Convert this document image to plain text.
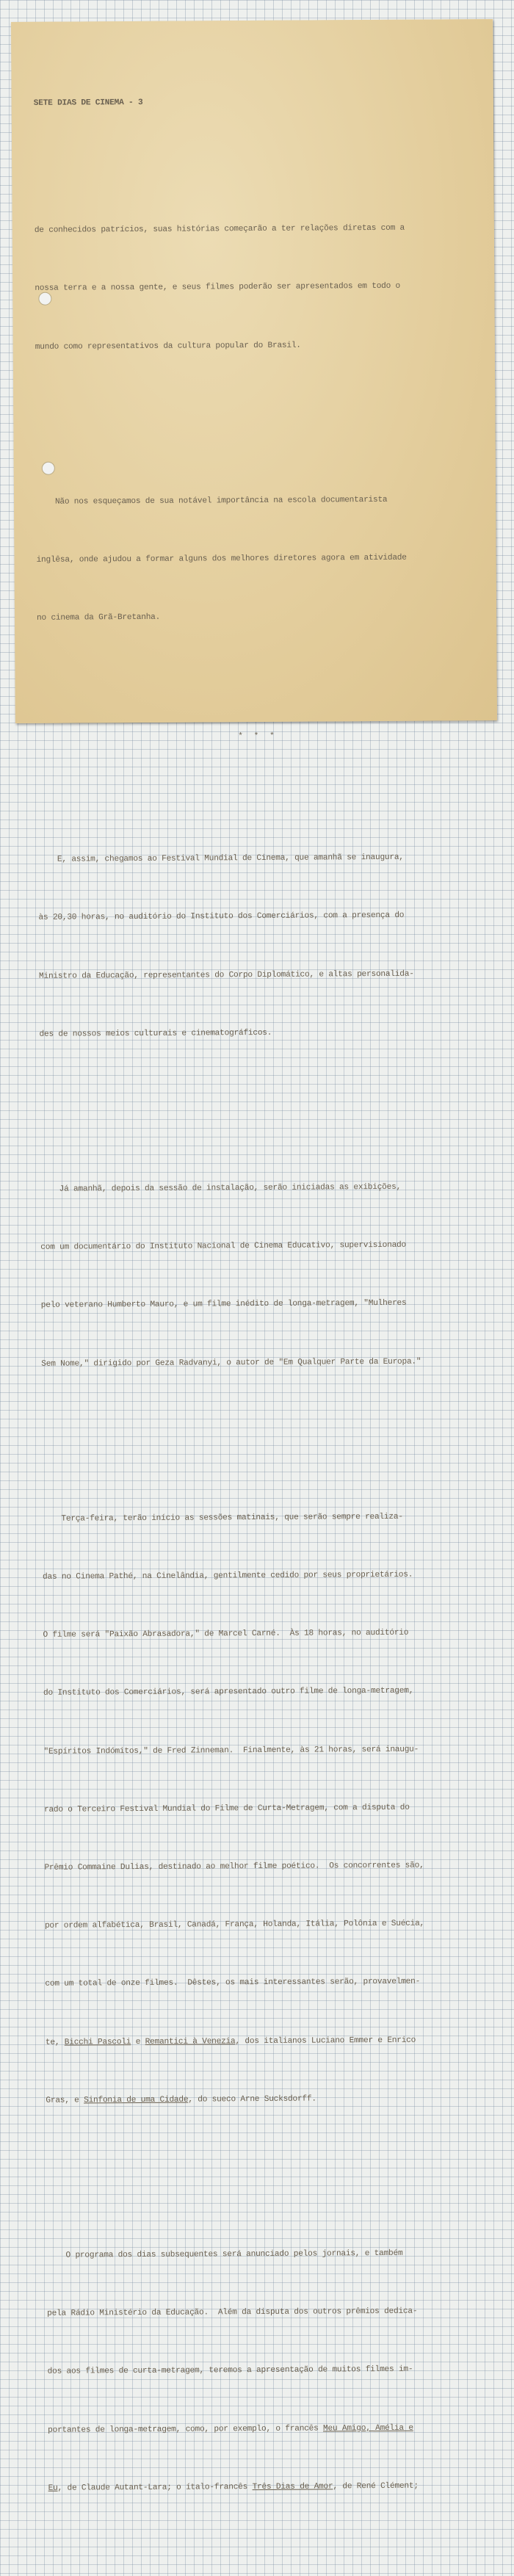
SETE DIAS DE CINEMA - 3

de conhecidos patrícios, suas histórias começarão a ter relações diretas com a

nossa terra e a nossa gente, e seus filmes poderão ser apresentados em todo o

mundo como representativos da cultura popular do Brasil.

Não nos esqueçamos de sua notável importância na escola documentarista

inglêsa, onde ajudou a formar alguns dos melhores diretores agora em atividade

no cinema da Grã-Bretanha.

* * *

E, assim, chegamos ao Festival Mundial de Cinema, que amanhã se inaugura,

às 20,30 horas, no auditório do Instituto dos Comerciários, com a presença do

Ministro da Educação, representantes do Corpo Diplomático, e altas personalida-

des de nossos meios culturais e cinematográficos.

Já amanhã, depois da sessão de instalação, serão iniciadas as exibições,

com um documentário do Instituto Nacional de Cinema Educativo, supervisionado

pelo veterano Humberto Mauro, e um filme inédito de longa-metragem, "Mulheres

Sem Nome," dirigido por Geza Radvanyi, o autor de "Em Qualquer Parte da Europa."

Terça-feira, terão início as sessões matinais, que serão sempre realiza-

das no Cinema Pathé, na Cinelândia, gentilmente cedido por seus proprietários.

O filme será "Paixão Abrasadora," de Marcel Carné.  Às 18 horas, no auditório

do Instituto dos Comerciários, será apresentado outro filme de longa-metragem,

"Espíritos Indómitos," de Fred Zinneman.  Finalmente, às 21 horas, será inaugu-

rado o Terceiro Festival Mundial do Filme de Curta-Metragem, com a disputa do

Prêmio Commaine Dulias, destinado ao melhor filme poético.  Os concorrentes são,

por ordem alfabética, Brasil, Canadá, França, Holanda, Itália, Polônia e Suécia,

com um total de onze filmes.  Dêstes, os mais interessantes serão, provavelmen-

te, Bicchi Pascoli e Remantici à Venezia, dos italianos Luciano Emmer e Enrico

Gras, e Sinfonia de uma Cidade, do sueco Arne Sucksdorff.

O programa dos dias subsequentes será anunciado pelos jornais, e também

pela Rádio Ministério da Educação.  Além da disputa dos outros prêmios dedica-

dos aos filmes de curta-metragem, teremos a apresentação de muitos filmes im-

portantes de longa-metragem, como, por exemplo, o francês Meu Amigo, Amélia e

Eu, de Claude Autant-Lara; o ítalo-francês Três Dias de Amor, de René Clément;
